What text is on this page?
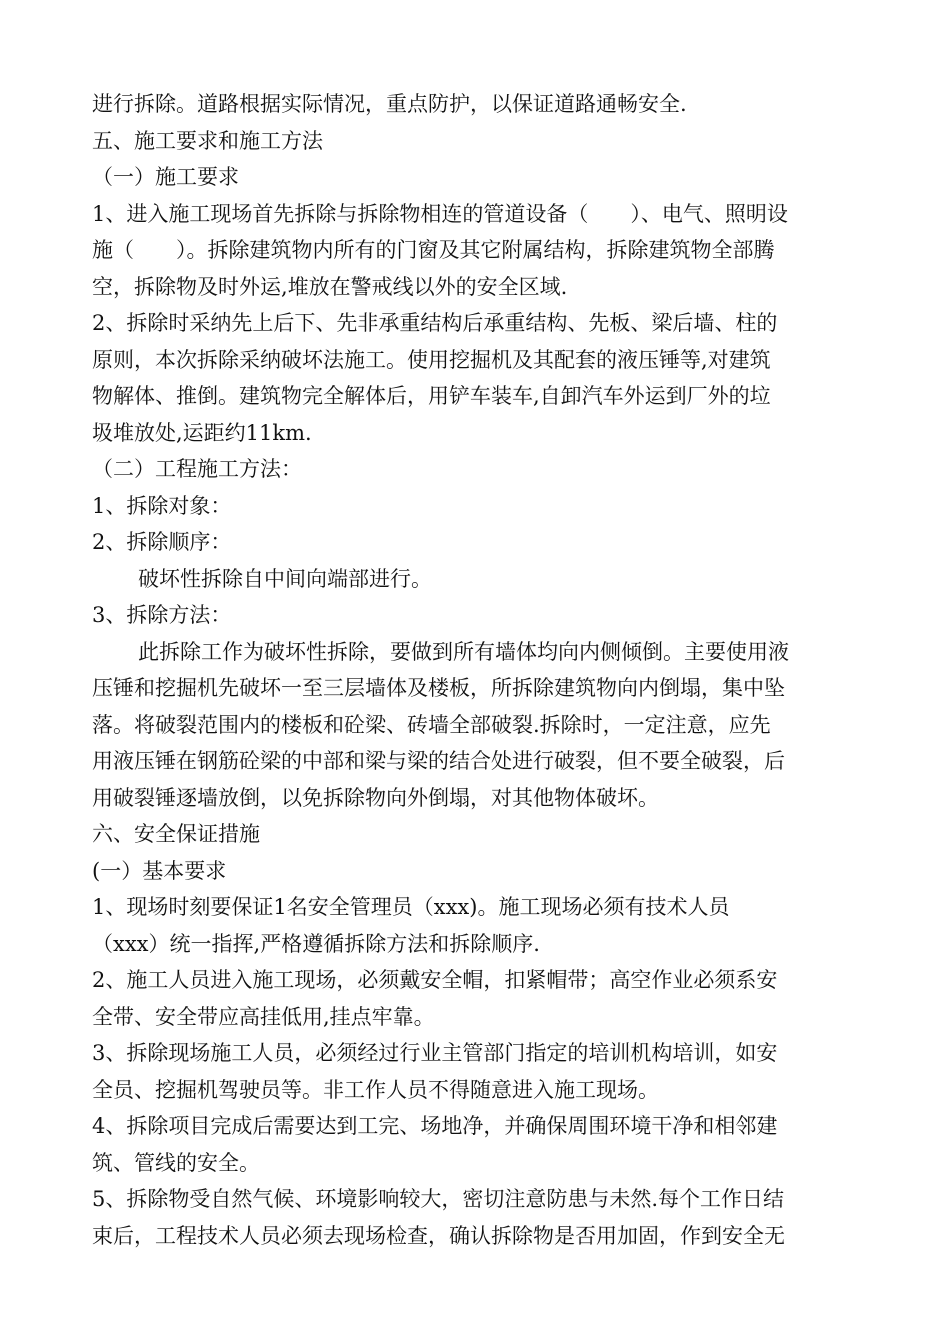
进行拆除。道路根据实际情况，重点防护，以保证道路通畅安全.
五、施工要求和施工方法
（一）施工要求
1、进入施工现场首先拆除与拆除物相连的管道设备（　　）、电气、照明设
施（　　）。拆除建筑物内所有的门窗及其它附属结构，拆除建筑物全部腾
空，拆除物及时外运,堆放在警戒线以外的安全区域.
2、拆除时采纳先上后下、先非承重结构后承重结构、先板、梁后墙、柱的
原则，本次拆除采纳破坏法施工。使用挖掘机及其配套的液压锤等,对建筑
物解体、推倒。建筑物完全解体后，用铲车装车,自卸汽车外运到厂外的垃
圾堆放处,运距约11km.
（二）工程施工方法：
1、拆除对象：
2、拆除顺序：
破坏性拆除自中间向端部进行。
3、拆除方法：
此拆除工作为破坏性拆除，要做到所有墙体均向内侧倾倒。主要使用液
压锤和挖掘机先破坏一至三层墙体及楼板，所拆除建筑物向内倒塌，集中坠
落。将破裂范围内的楼板和砼梁、砖墙全部破裂.拆除时，一定注意，应先
用液压锤在钢筋砼梁的中部和梁与梁的结合处进行破裂，但不要全破裂，后
用破裂锤逐墙放倒，以免拆除物向外倒塌，对其他物体破坏。
六、安全保证措施
(一）基本要求
1、现场时刻要保证1名安全管理员（xxx)。施工现场必须有技术人员
（xxx）统一指挥,严格遵循拆除方法和拆除顺序.
2、施工人员进入施工现场，必须戴安全帽，扣紧帽带；高空作业必须系安
全带、安全带应高挂低用,挂点牢靠。
3、拆除现场施工人员，必须经过行业主管部门指定的培训机构培训，如安
全员、挖掘机驾驶员等。非工作人员不得随意进入施工现场。
4、拆除项目完成后需要达到工完、场地净，并确保周围环境干净和相邻建
筑、管线的安全。
5、拆除物受自然气候、环境影响较大，密切注意防患与未然.每个工作日结
束后，工程技术人员必须去现场检查，确认拆除物是否用加固，作到安全无
